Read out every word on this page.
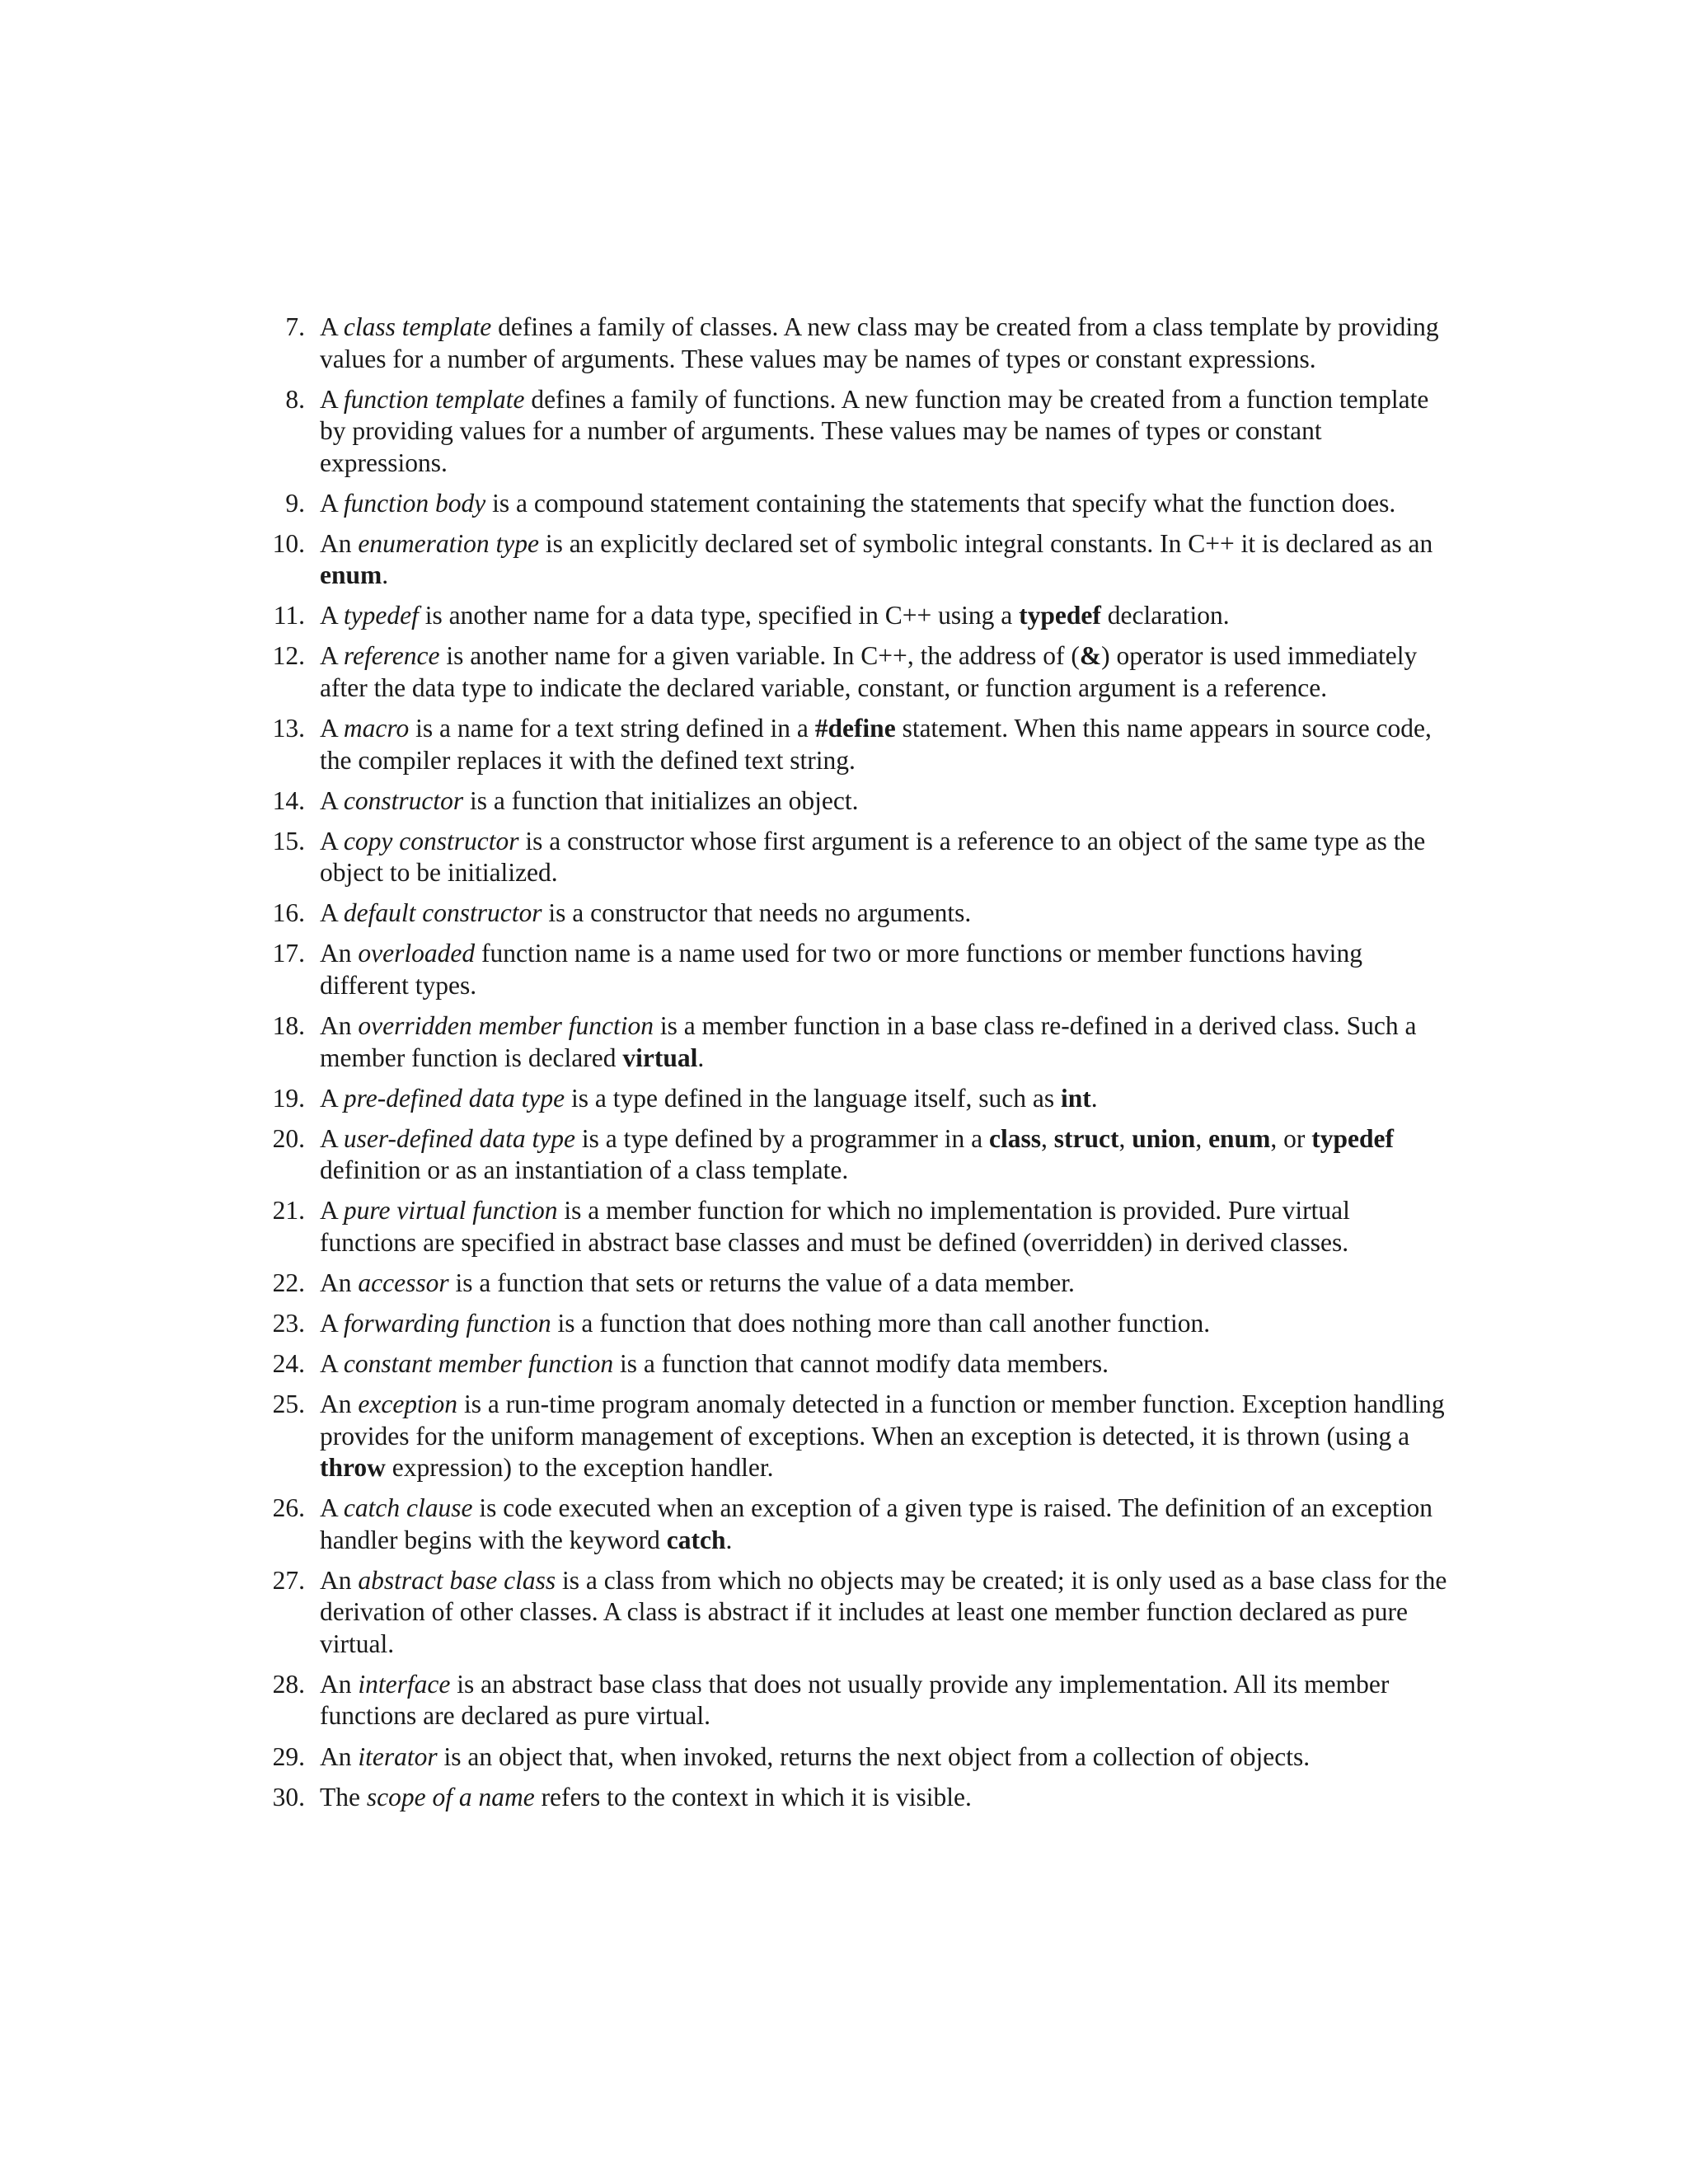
7. A class template defines a family of classes. A new class may be created from a class template by providing values for a number of arguments. These values may be names of types or constant expressions.
8. A function template defines a family of functions. A new function may be created from a function template by providing values for a number of arguments. These values may be names of types or constant expressions.
9. A function body is a compound statement containing the statements that specify what the function does.
10. An enumeration type is an explicitly declared set of symbolic integral constants. In C++ it is declared as an enum.
11. A typedef is another name for a data type, specified in C++ using a typedef declaration.
12. A reference is another name for a given variable. In C++, the address of (&) operator is used immediately after the data type to indicate the declared variable, constant, or function argument is a reference.
13. A macro is a name for a text string defined in a #define statement. When this name appears in source code, the compiler replaces it with the defined text string.
14. A constructor is a function that initializes an object.
15. A copy constructor is a constructor whose first argument is a reference to an object of the same type as the object to be initialized.
16. A default constructor is a constructor that needs no arguments.
17. An overloaded function name is a name used for two or more functions or member functions having different types.
18. An overridden member function is a member function in a base class re-defined in a derived class. Such a member function is declared virtual.
19. A pre-defined data type is a type defined in the language itself, such as int.
20. A user-defined data type is a type defined by a programmer in a class, struct, union, enum, or typedef definition or as an instantiation of a class template.
21. A pure virtual function is a member function for which no implementation is provided. Pure virtual functions are specified in abstract base classes and must be defined (overridden) in derived classes.
22. An accessor is a function that sets or returns the value of a data member.
23. A forwarding function is a function that does nothing more than call another function.
24. A constant member function is a function that cannot modify data members.
25. An exception is a run-time program anomaly detected in a function or member function. Exception handling provides for the uniform management of exceptions. When an exception is detected, it is thrown (using a throw expression) to the exception handler.
26. A catch clause is code executed when an exception of a given type is raised. The definition of an exception handler begins with the keyword catch.
27. An abstract base class is a class from which no objects may be created; it is only used as a base class for the derivation of other classes. A class is abstract if it includes at least one member function declared as pure virtual.
28. An interface is an abstract base class that does not usually provide any implementation. All its member functions are declared as pure virtual.
29. An iterator is an object that, when invoked, returns the next object from a collection of objects.
30. The scope of a name refers to the context in which it is visible.
